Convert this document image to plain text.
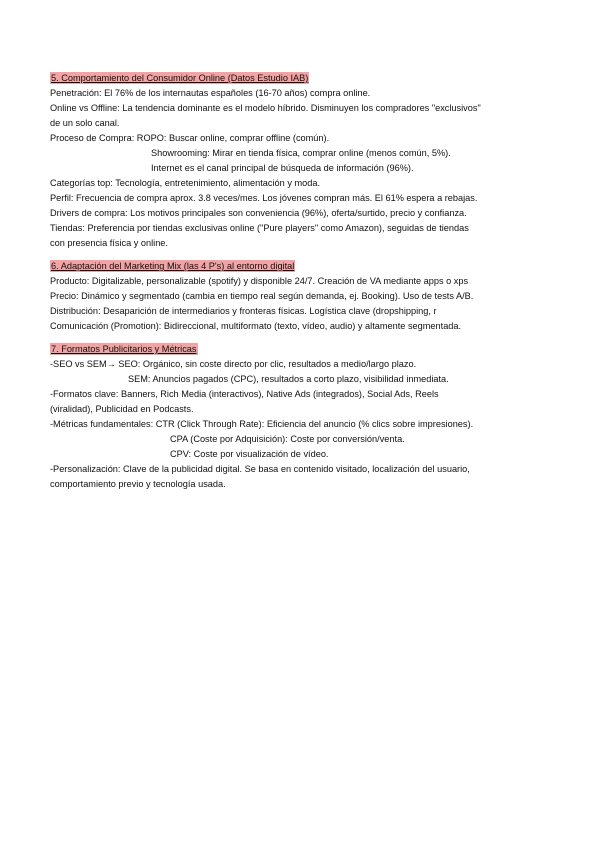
5. Comportamiento del Consumidor Online (Datos Estudio IAB)
Penetración: El 76% de los internautas españoles (16-70 años) compra online.
Online vs Offline: La tendencia dominante es el modelo híbrido. Disminuyen los compradores "exclusivos"
de un solo canal.
Proceso de Compra: ROPO: Buscar online, comprar offline (común).
Showrooming: Mirar en tienda física, comprar online (menos común, 5%).
Internet es el canal principal de búsqueda de información (96%).
Categorías top: Tecnología, entretenimiento, alimentación y moda.
Perfil: Frecuencia de compra aprox. 3.8 veces/mes. Los jóvenes compran más. El 61% espera a rebajas.
Drivers de compra: Los motivos principales son conveniencia (96%), oferta/surtido, precio y confianza.
Tiendas: Preferencia por tiendas exclusivas online ("Pure players" como Amazon), seguidas de tiendas
con presencia física y online.
6. Adaptación del Marketing Mix (las 4 P's) al entorno digital
Producto: Digitalizable, personalizable (spotify) y disponible 24/7. Creación de VA mediante apps o xps
Precio: Dinámico y segmentado (cambia en tiempo real según demanda, ej. Booking). Uso de tests A/B.
Distribución: Desaparición de intermediarios y fronteras físicas. Logística clave (dropshipping, r
Comunicación (Promotion): Bidireccional, multiformato (texto, vídeo, audio) y altamente segmentada.
7. Formatos Publicitarios y Métricas
-SEO vs SEM→ SEO: Orgánico, sin coste directo por clic, resultados a medio/largo plazo.
SEM: Anuncios pagados (CPC), resultados a corto plazo, visibilidad inmediata.
-Formatos clave: Banners, Rich Media (interactivos), Native Ads (integrados), Social Ads, Reels
(viralidad), Publicidad en Podcasts.
-Métricas fundamentales: CTR (Click Through Rate): Eficiencia del anuncio (% clics sobre impresiones).
CPA (Coste por Adquisición): Coste por conversión/venta.
CPV: Coste por visualización de vídeo.
-Personalización: Clave de la publicidad digital. Se basa en contenido visitado, localización del usuario,
comportamiento previo y tecnología usada.
